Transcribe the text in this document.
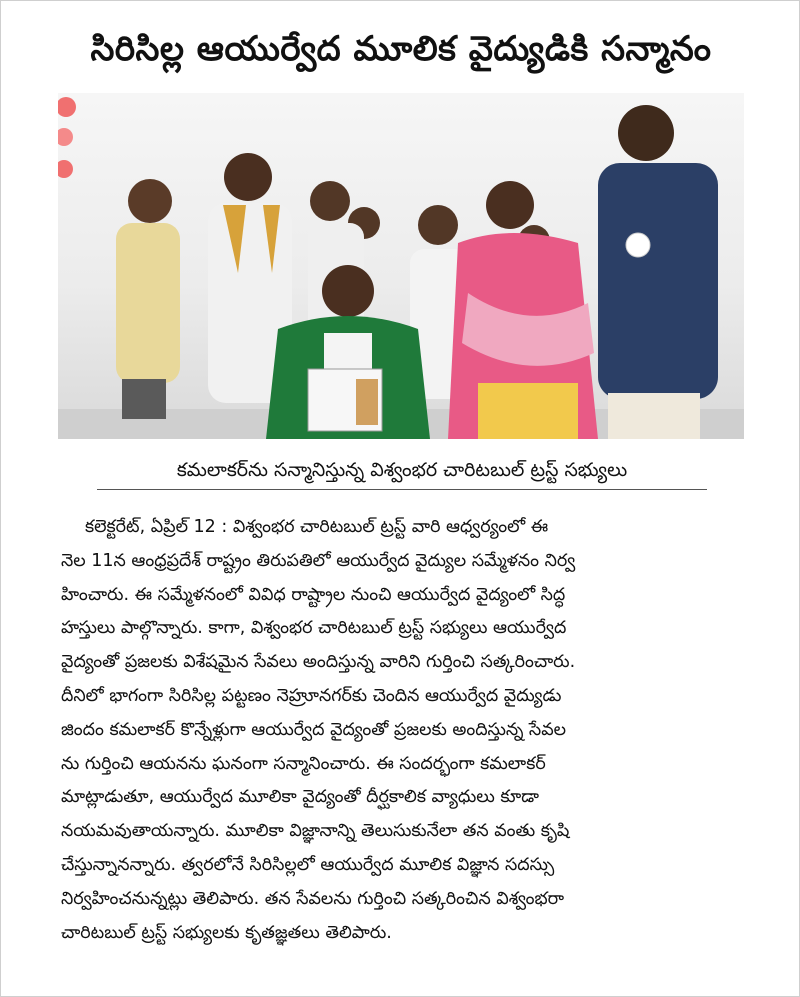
సిరిసిల్ల ఆయుర్వేద మూలిక వైద్యుడికి సన్మానం

కమలాకర్‌ను సన్మానిస్తున్న విశ్వంభర చారిటబుల్ ట్రస్ట్ సభ్యులు

కలెక్టరేట్, ఏప్రిల్ 12 : విశ్వంభర చారిటబుల్ ట్రస్ట్ వారి ఆధ్వర్యంలో ఈ
నెల 11న ఆంధ్రప్రదేశ్ రాష్ట్రం తిరుపతిలో ఆయుర్వేద వైద్యుల సమ్మేళనం నిర్వ
హించారు. ఈ సమ్మేళనంలో వివిధ రాష్ట్రాల నుంచి ఆయుర్వేద వైద్యంలో సిద్ధ
హస్తులు పాల్గొన్నారు. కాగా, విశ్వంభర చారిటబుల్ ట్రస్ట్ సభ్యులు ఆయుర్వేద
వైద్యంతో ప్రజలకు విశేషమైన సేవలు అందిస్తున్న వారిని గుర్తించి సత్కరించారు.
దీనిలో భాగంగా సిరిసిల్ల పట్టణం నెహ్రూనగర్‌కు చెందిన ఆయుర్వేద వైద్యుడు
జిందం కమలాకర్ కొన్నేళ్లుగా ఆయుర్వేద వైద్యంతో ప్రజలకు అందిస్తున్న సేవల
ను గుర్తించి ఆయనను ఘనంగా సన్మానించారు. ఈ సందర్భంగా కమలాకర్
మాట్లాడుతూ, ఆయుర్వేద మూలికా వైద్యంతో దీర్ఘకాలిక వ్యాధులు కూడా
నయమవుతాయన్నారు. మూలికా విజ్ఞానాన్ని తెలుసుకునేలా తన వంతు కృషి
చేస్తున్నానన్నారు. త్వరలోనే సిరిసిల్లలో ఆయుర్వేద మూలిక విజ్ఞాన సదస్సు
నిర్వహించనున్నట్లు తెలిపారు. తన సేవలను గుర్తించి సత్కరించిన విశ్వంభరా
చారిటబుల్ ట్రస్ట్ సభ్యులకు కృతజ్ఞతలు తెలిపారు.
